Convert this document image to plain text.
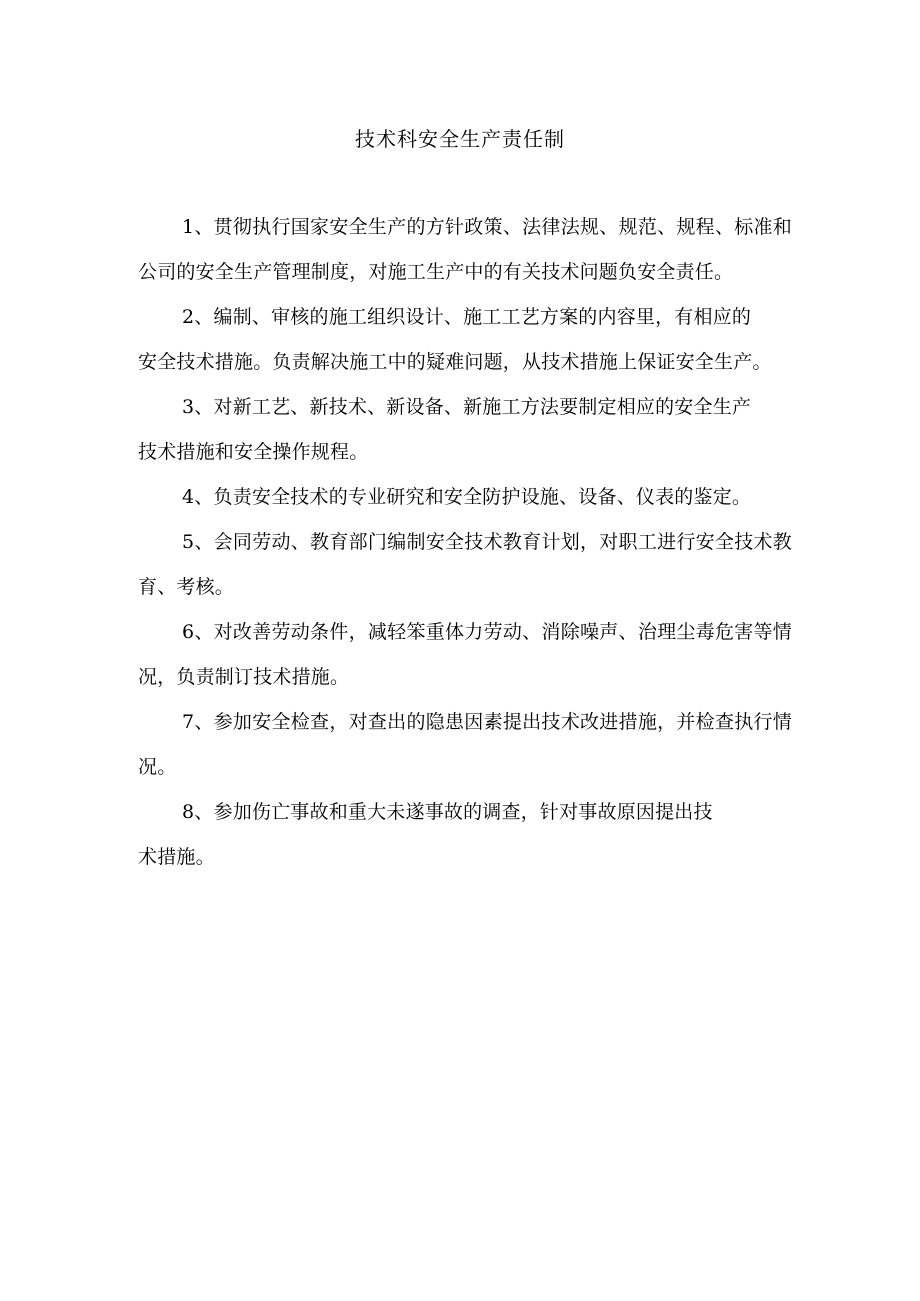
技术科安全生产责任制
1、贯彻执行国家安全生产的方针政策、法律法规、规范、规程、标准和公司的安全生产管理制度，对施工生产中的有关技术问题负安全责任。
2、编制、审核的施工组织设计、施工工艺方案的内容里，有相应的
安全技术措施。负责解决施工中的疑难问题，从技术措施上保证安全生产。
3、对新工艺、新技术、新设备、新施工方法要制定相应的安全生产
技术措施和安全操作规程。
4、负责安全技术的专业研究和安全防护设施、设备、仪表的鉴定。
5、会同劳动、教育部门编制安全技术教育计划，对职工进行安全技术教育、考核。
6、对改善劳动条件，减轻笨重体力劳动、消除噪声、治理尘毒危害等情况，负责制订技术措施。
7、参加安全检查，对查出的隐患因素提出技术改进措施，并检查执行情况。
8、参加伤亡事故和重大未遂事故的调查，针对事故原因提出技
术措施。
